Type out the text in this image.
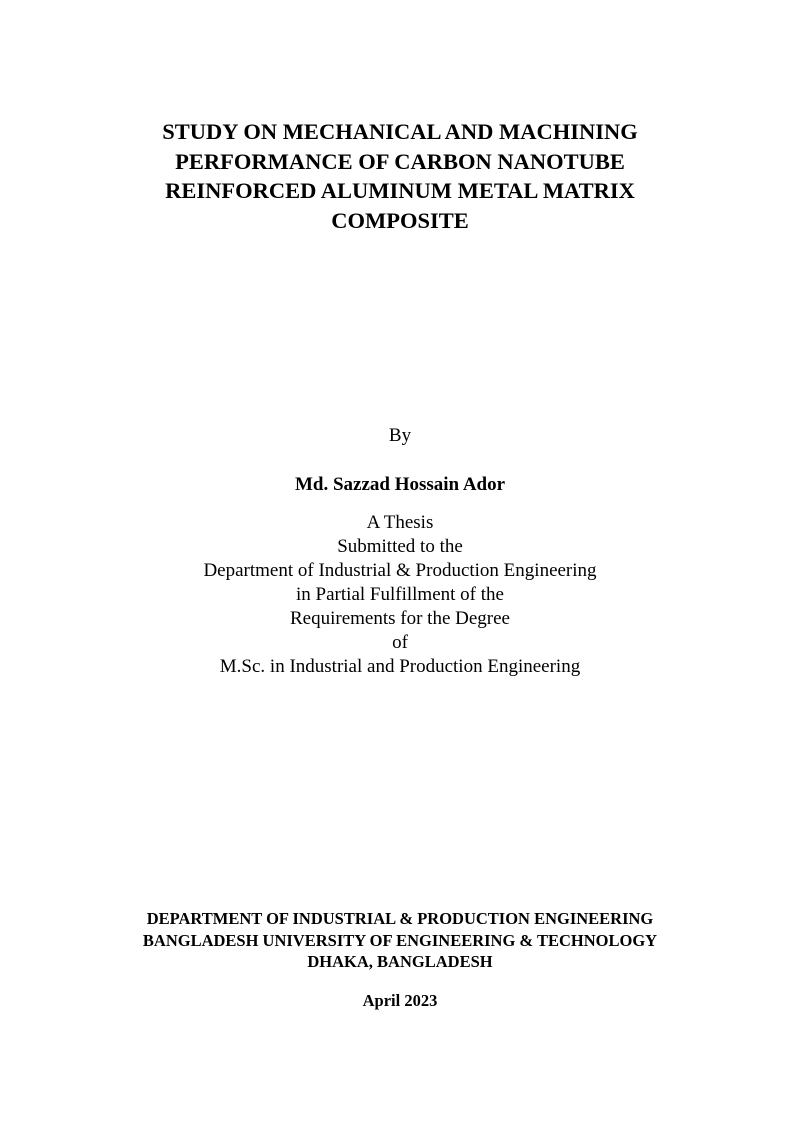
STUDY ON MECHANICAL AND MACHINING
PERFORMANCE OF CARBON NANOTUBE
REINFORCED ALUMINUM METAL MATRIX
COMPOSITE
By
Md. Sazzad Hossain Ador
A Thesis
Submitted to the
Department of Industrial & Production Engineering
in Partial Fulfillment of the
Requirements for the Degree
of
M.Sc. in Industrial and Production Engineering
DEPARTMENT OF INDUSTRIAL & PRODUCTION ENGINEERING
BANGLADESH UNIVERSITY OF ENGINEERING & TECHNOLOGY
DHAKA, BANGLADESH
April 2023
